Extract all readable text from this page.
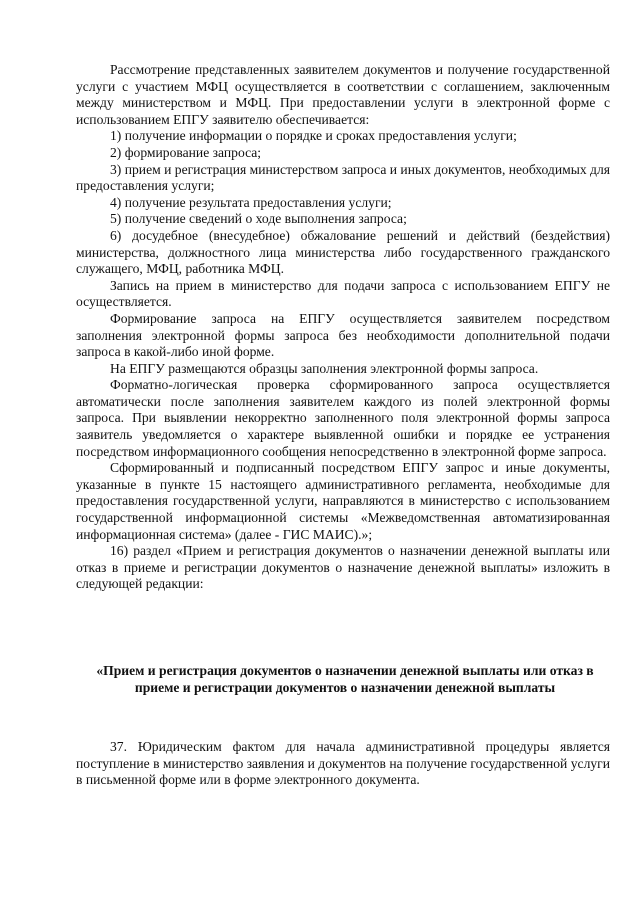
Рассмотрение представленных заявителем документов и получение государственной услуги с участием МФЦ осуществляется в соответствии с соглашением, заключенным между министерством и МФЦ. При предоставлении услуги в электронной форме с использованием ЕПГУ заявителю обеспечивается:

1) получение информации о порядке и сроках предоставления услуги;

2) формирование запроса;

3) прием и регистрация министерством запроса и иных документов, необходимых для предоставления услуги;

4) получение результата предоставления услуги;

5) получение сведений о ходе выполнения запроса;

6) досудебное (внесудебное) обжалование решений и действий (бездействия) министерства, должностного лица министерства либо государственного гражданского служащего, МФЦ, работника МФЦ.

Запись на прием в министерство для подачи запроса с использованием ЕПГУ не осуществляется.

Формирование запроса на ЕПГУ осуществляется заявителем посредством заполнения электронной формы запроса без необходимости дополнительной подачи запроса в какой-либо иной форме.

На ЕПГУ размещаются образцы заполнения электронной формы запроса.

Форматно-логическая проверка сформированного запроса осуществляется автоматически после заполнения заявителем каждого из полей электронной формы запроса. При выявлении некорректно заполненного поля электронной формы запроса заявитель уведомляется о характере выявленной ошибки и порядке ее устранения посредством информационного сообщения непосредственно в электронной форме запроса.

Сформированный и подписанный посредством ЕПГУ запрос и иные документы, указанные в пункте 15 настоящего административного регламента, необходимые для предоставления государственной услуги, направляются в министерство с использованием государственной информационной системы «Межведомственная автоматизированная информационная система» (далее - ГИС МАИС).»;

16) раздел «Прием и регистрация документов о назначении денежной выплаты или отказ в приеме и регистрации документов о назначение денежной выплаты» изложить в следующей редакции:

«Прием и регистрация документов о назначении денежной выплаты или отказ в приеме и регистрации документов о назначении денежной выплаты

37. Юридическим фактом для начала административной процедуры является поступление в министерство заявления и документов на получение государственной услуги в письменной форме или в форме электронного документа.
